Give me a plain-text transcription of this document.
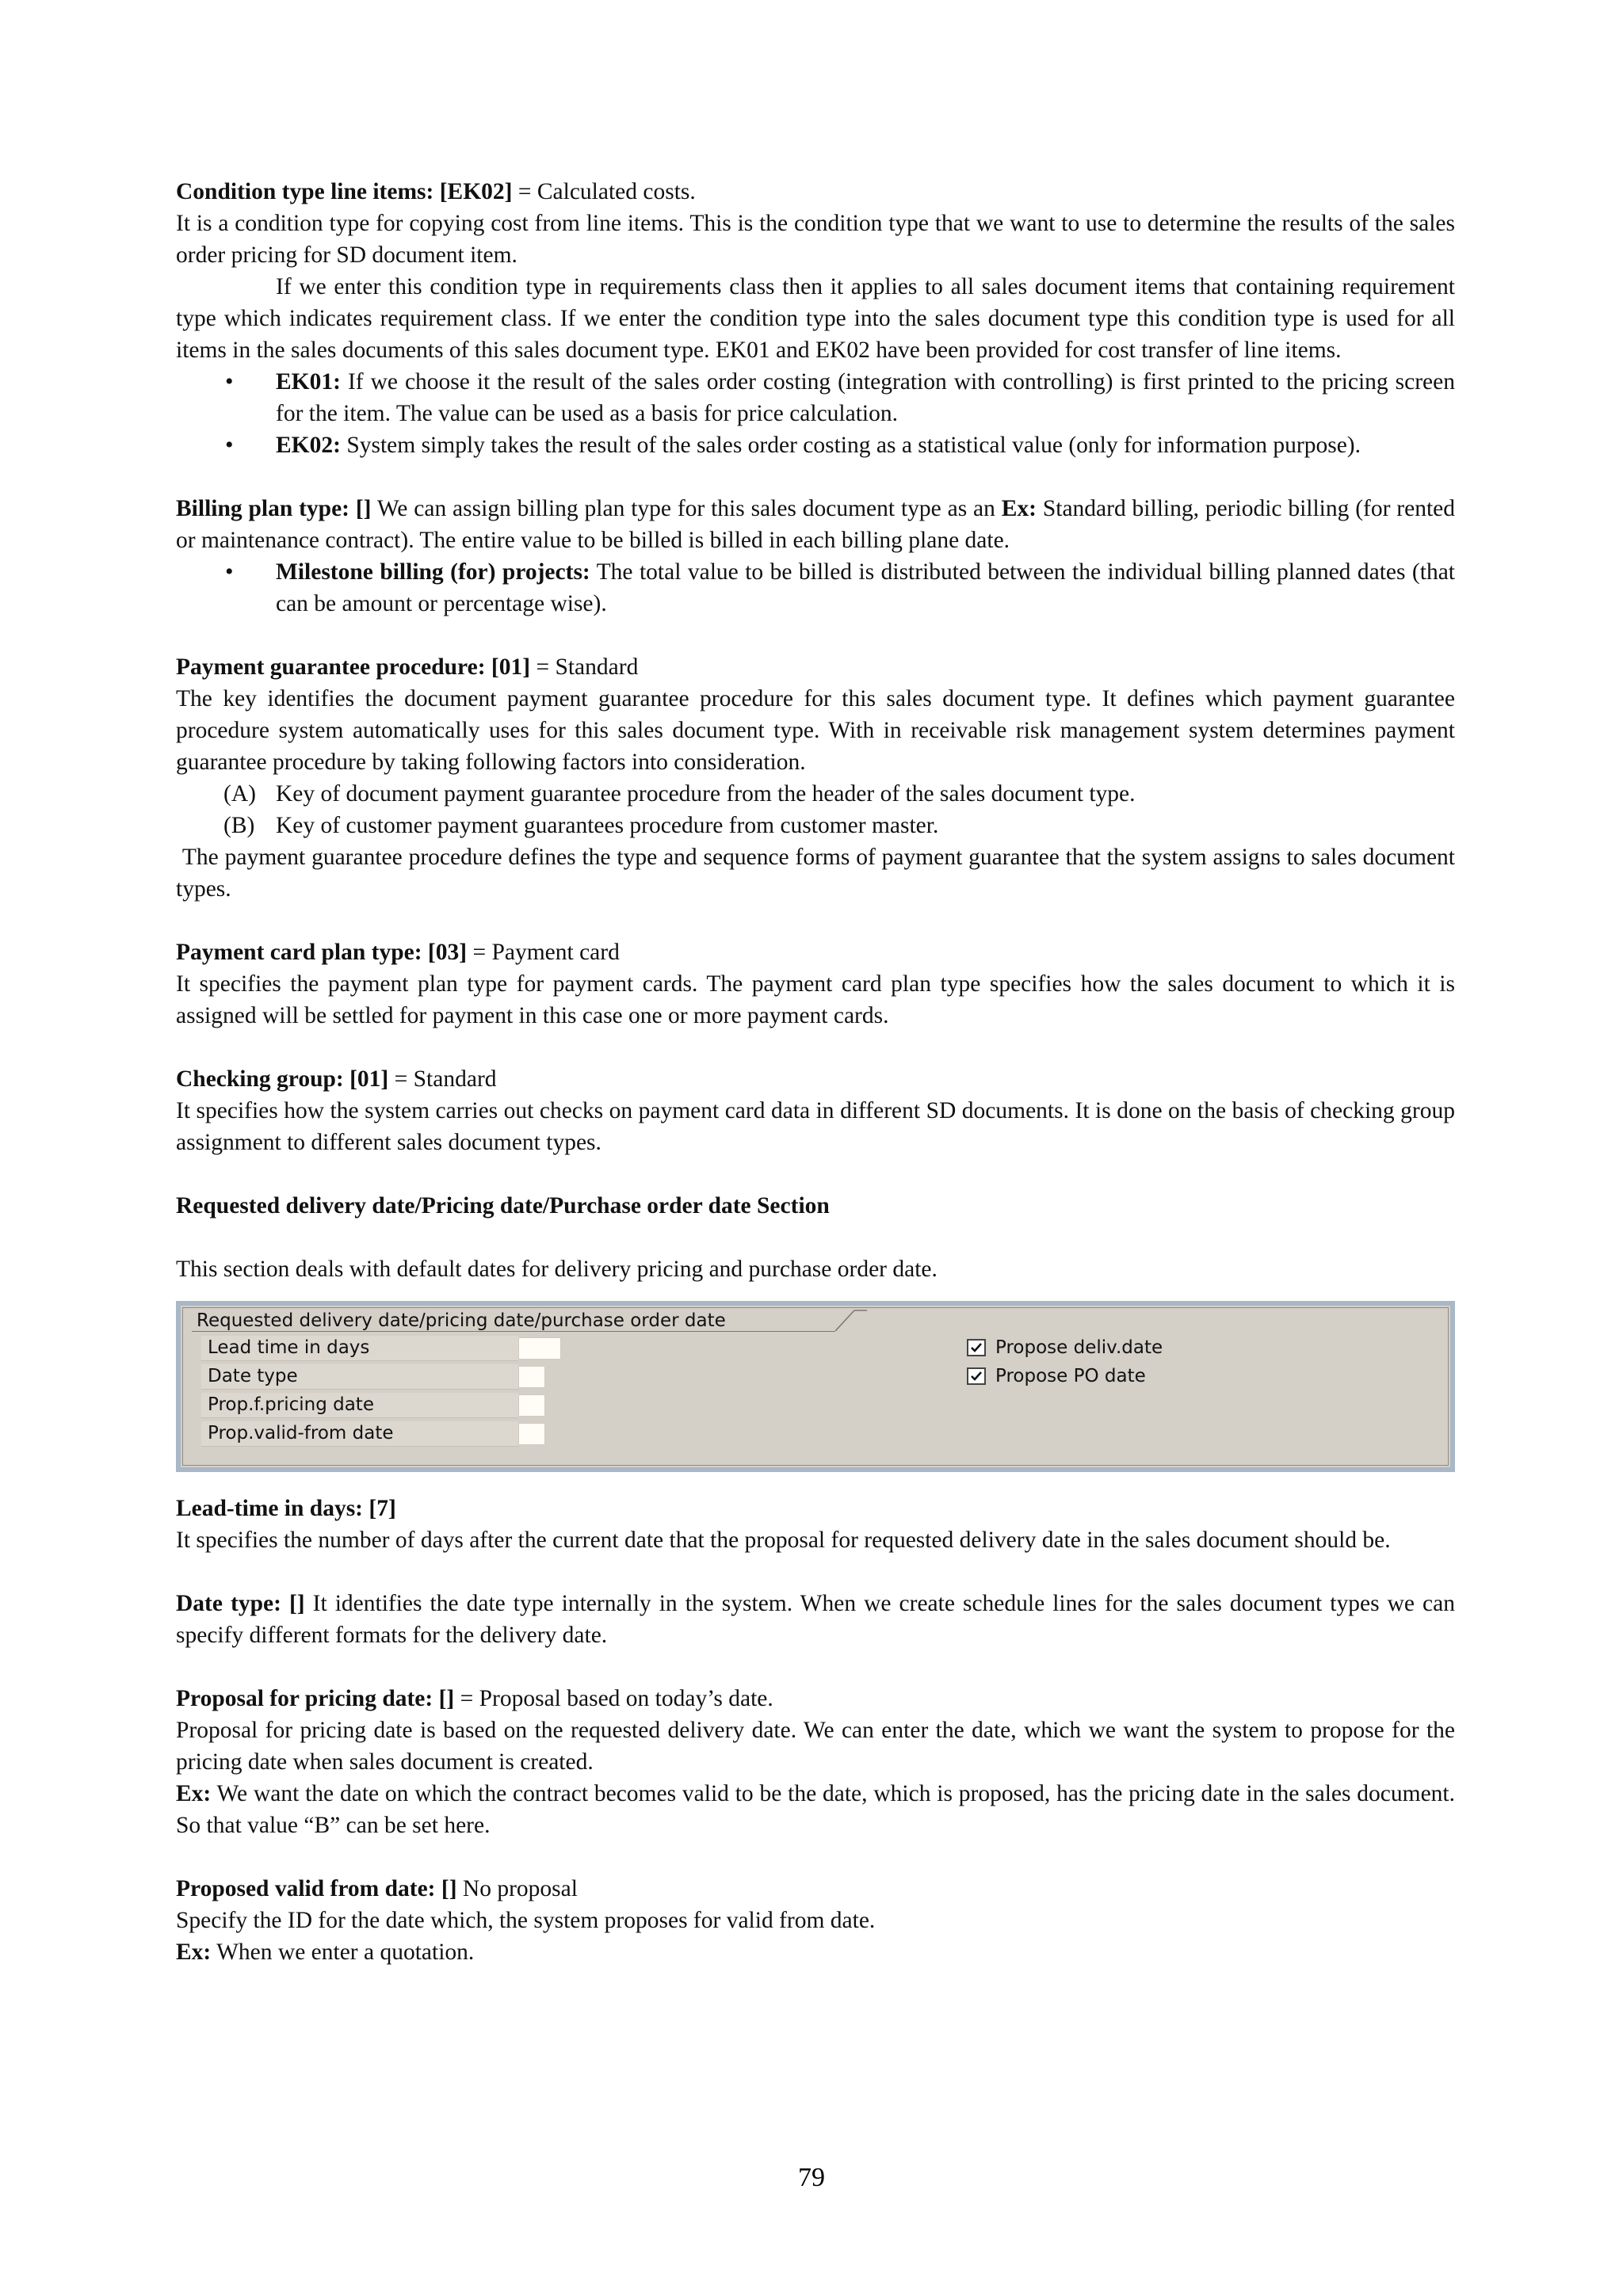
Condition type line items: [EK02] = Calculated costs.

It is a condition type for copying cost from line items. This is the condition type that we want to use to determine the results of the sales order pricing for SD document item.

If we enter this condition type in requirements class then it applies to all sales document items that containing requirement type which indicates requirement class. If we enter the condition type into the sales document type this condition type is used for all items in the sales documents of this sales document type. EK01 and EK02 have been provided for cost transfer of line items.

• EK01: If we choose it the result of the sales order costing (integration with controlling) is first printed to the pricing screen for the item. The value can be used as a basis for price calculation.
• EK02: System simply takes the result of the sales order costing as a statistical value (only for information purpose).

Billing plan type: [] We can assign billing plan type for this sales document type as an Ex: Standard billing, periodic billing (for rented or maintenance contract). The entire value to be billed is billed in each billing plane date.

• Milestone billing (for) projects: The total value to be billed is distributed between the individual billing planned dates (that can be amount or percentage wise).

Payment guarantee procedure: [01] = Standard

The key identifies the document payment guarantee procedure for this sales document type. It defines which payment guarantee procedure system automatically uses for this sales document type. With in receivable risk management system determines payment guarantee procedure by taking following factors into consideration.

(A) Key of document payment guarantee procedure from the header of the sales document type.
(B) Key of customer payment guarantees procedure from customer master.

The payment guarantee procedure defines the type and sequence forms of payment guarantee that the system assigns to sales document types.

Payment card plan type: [03] = Payment card

It specifies the payment plan type for payment cards. The payment card plan type specifies how the sales document to which it is assigned will be settled for payment in this case one or more payment cards.

Checking group: [01] = Standard

It specifies how the system carries out checks on payment card data in different SD documents. It is done on the basis of checking group assignment to different sales document types.

Requested delivery date/Pricing date/Purchase order date Section

This section deals with default dates for delivery pricing and purchase order date.

Requested delivery date/pricing date/purchase order date
Lead time in days
Date type
Prop.f.pricing date
Prop.valid-from date
Propose deliv.date
Propose PO date

Lead-time in days: [7]

It specifies the number of days after the current date that the proposal for requested delivery date in the sales document should be.

Date type: [] It identifies the date type internally in the system. When we create schedule lines for the sales document types we can specify different formats for the delivery date.

Proposal for pricing date: [] = Proposal based on today’s date.

Proposal for pricing date is based on the requested delivery date. We can enter the date, which we want the system to propose for the pricing date when sales document is created.

Ex: We want the date on which the contract becomes valid to be the date, which is proposed, has the pricing date in the sales document. So that value “B” can be set here.

Proposed valid from date: [] No proposal

Specify the ID for the date which, the system proposes for valid from date.

Ex: When we enter a quotation.

79
